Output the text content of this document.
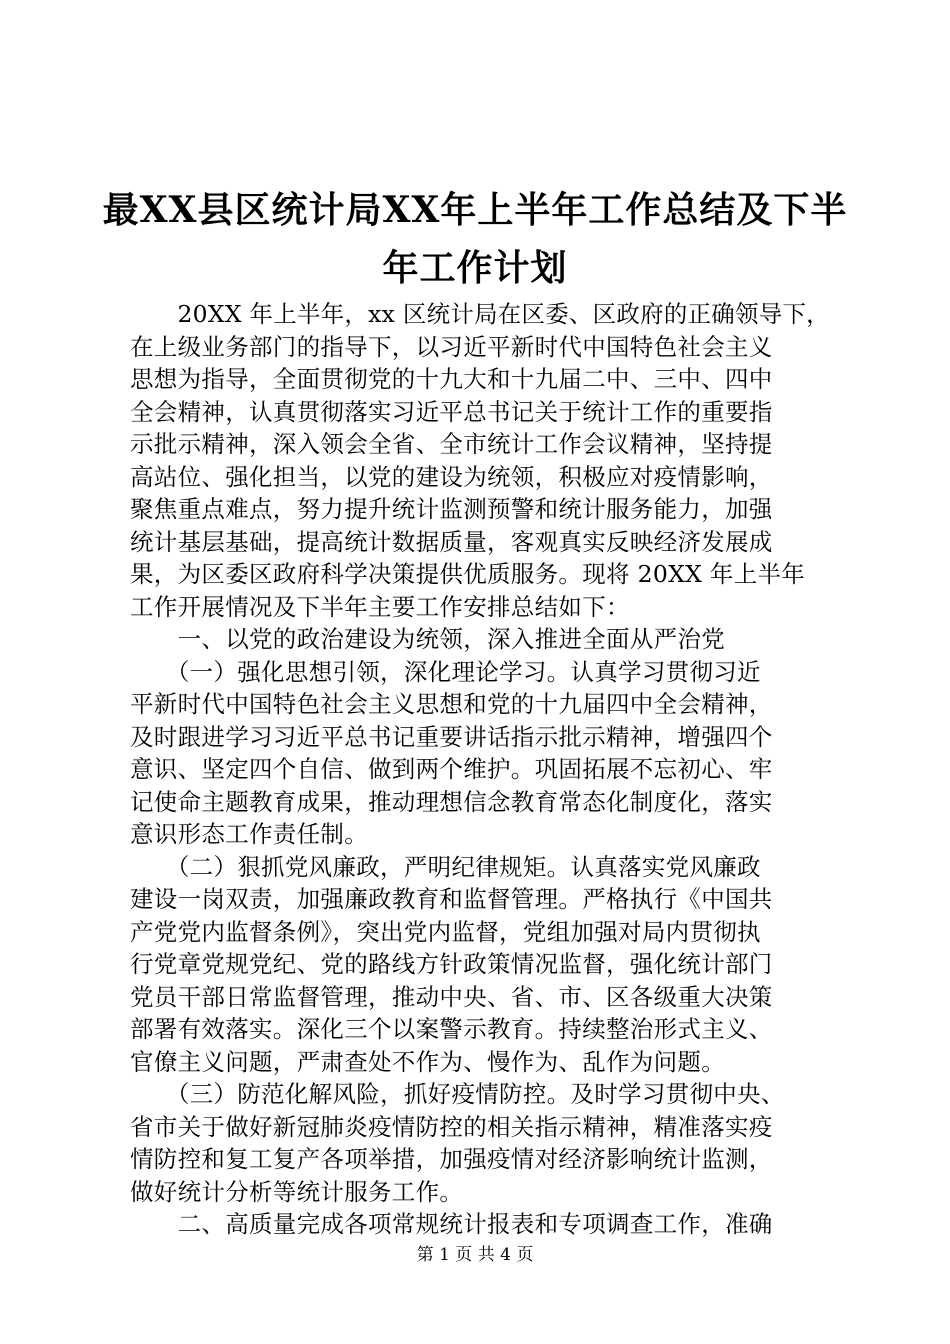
最XX县区统计局XX年上半年工作总结及下半
年工作计划
　　20XX 年上半年，xx 区统计局在区委、区政府的正确领导下，
在上级业务部门的指导下，以习近平新时代中国特色社会主义
思想为指导，全面贯彻党的十九大和十九届二中、三中、四中
全会精神，认真贯彻落实习近平总书记关于统计工作的重要指
示批示精神，深入领会全省、全市统计工作会议精神，坚持提
高站位、强化担当，以党的建设为统领，积极应对疫情影响，
聚焦重点难点，努力提升统计监测预警和统计服务能力，加强
统计基层基础，提高统计数据质量，客观真实反映经济发展成
果，为区委区政府科学决策提供优质服务。现将 20XX 年上半年
工作开展情况及下半年主要工作安排总结如下：
　　一、以党的政治建设为统领，深入推进全面从严治党
　　（一）强化思想引领，深化理论学习。认真学习贯彻习近
平新时代中国特色社会主义思想和党的十九届四中全会精神，
及时跟进学习习近平总书记重要讲话指示批示精神，增强四个
意识、坚定四个自信、做到两个维护。巩固拓展不忘初心、牢
记使命主题教育成果，推动理想信念教育常态化制度化，落实
意识形态工作责任制。
　　（二）狠抓党风廉政，严明纪律规矩。认真落实党风廉政
建设一岗双责，加强廉政教育和监督管理。严格执行《中国共
产党党内监督条例》，突出党内监督，党组加强对局内贯彻执
行党章党规党纪、党的路线方针政策情况监督，强化统计部门
党员干部日常监督管理，推动中央、省、市、区各级重大决策
部署有效落实。深化三个以案警示教育。持续整治形式主义、
官僚主义问题，严肃查处不作为、慢作为、乱作为问题。
　　（三）防范化解风险，抓好疫情防控。及时学习贯彻中央、
省市关于做好新冠肺炎疫情防控的相关指示精神，精准落实疫
情防控和复工复产各项举措，加强疫情对经济影响统计监测，
做好统计分析等统计服务工作。
　　二、高质量完成各项常规统计报表和专项调查工作，准确
第 1 页 共 4 页
